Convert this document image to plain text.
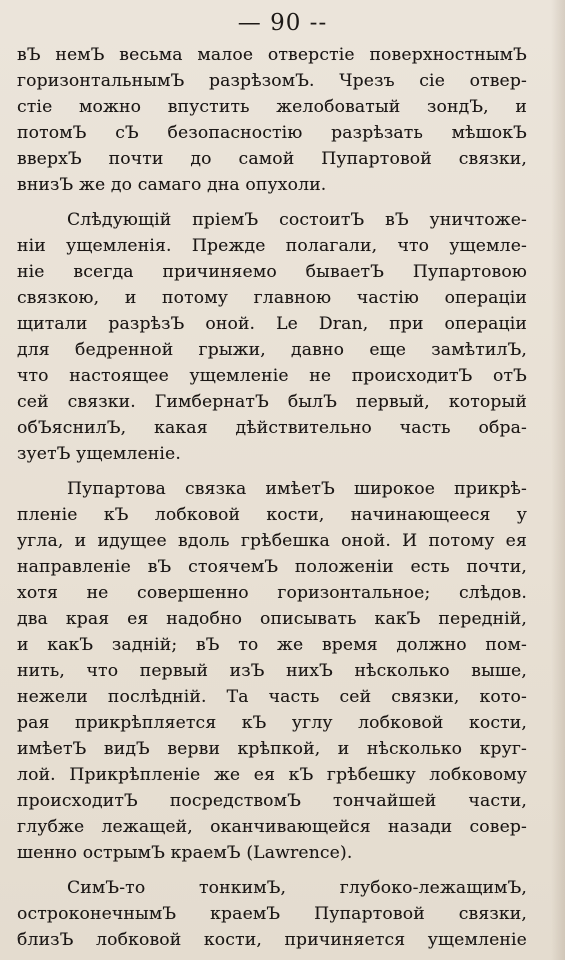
— 90 --

вЪ немЪ весьма малое отверстіе поверхностнымЪ
горизонтальнымЪ разрѣзомЪ. Чрезъ сіе отвер-
стіе можно впустить желобоватый зондЪ, и
потомЪ сЪ безопасностію разрѣзать мѣшокЪ
вверхЪ почти до самой Пупартовой связки,
внизЪ же до самаго дна опухоли.

Слѣдующій пріемЪ состоитЪ вЪ уничтоже-
ніи ущемленія. Прежде полагали, что ущемле-
ніе всегда причиняемо бываетЪ Пупартовою
связкою, и потому главною частію операціи
щитали разрѣзЪ оной. Le Dran, при операціи
для бедренной грыжи, давно еще замѣтилЪ,
что настоящее ущемленіе не происходитЪ отЪ
сей связки. ГимбернатЪ былЪ первый, который
обЪяснилЪ, какая дѣйствительно часть обра-
зуетЪ ущемленіе.

Пупартова связка имѣетЪ широкое прикрѣ-
пленіе кЪ лобковой кости, начинающееся у
угла, и идущее вдоль грѣбешка оной. И потому ея
направленіе вЪ стоячемЪ положеніи есть почти,
хотя не совершенно горизонтальное; слѣдов.
два края ея надобно описывать какЪ передній,
и какЪ задній; вЪ то же время должно пом-
нить, что первый изЪ нихЪ нѣсколько выше,
нежели послѣдній. Та часть сей связки, кото-
рая прикрѣпляется кЪ углу лобковой кости,
имѣетЪ видЪ верви крѣпкой, и нѣсколько круг-
лой. Прикрѣпленіе же ея кЪ грѣбешку лобковому
происходитЪ посредствомЪ тончайшей части,
глубже лежащей, оканчивающейся назади совер-
шенно острымЪ краемЪ (Lawrence).

СимЪ-то тонкимЪ, глубоко-лежащимЪ,
остроконечнымЪ краемЪ Пупартовой связки,
близЪ лобковой кости, причиняется ущемленіе
